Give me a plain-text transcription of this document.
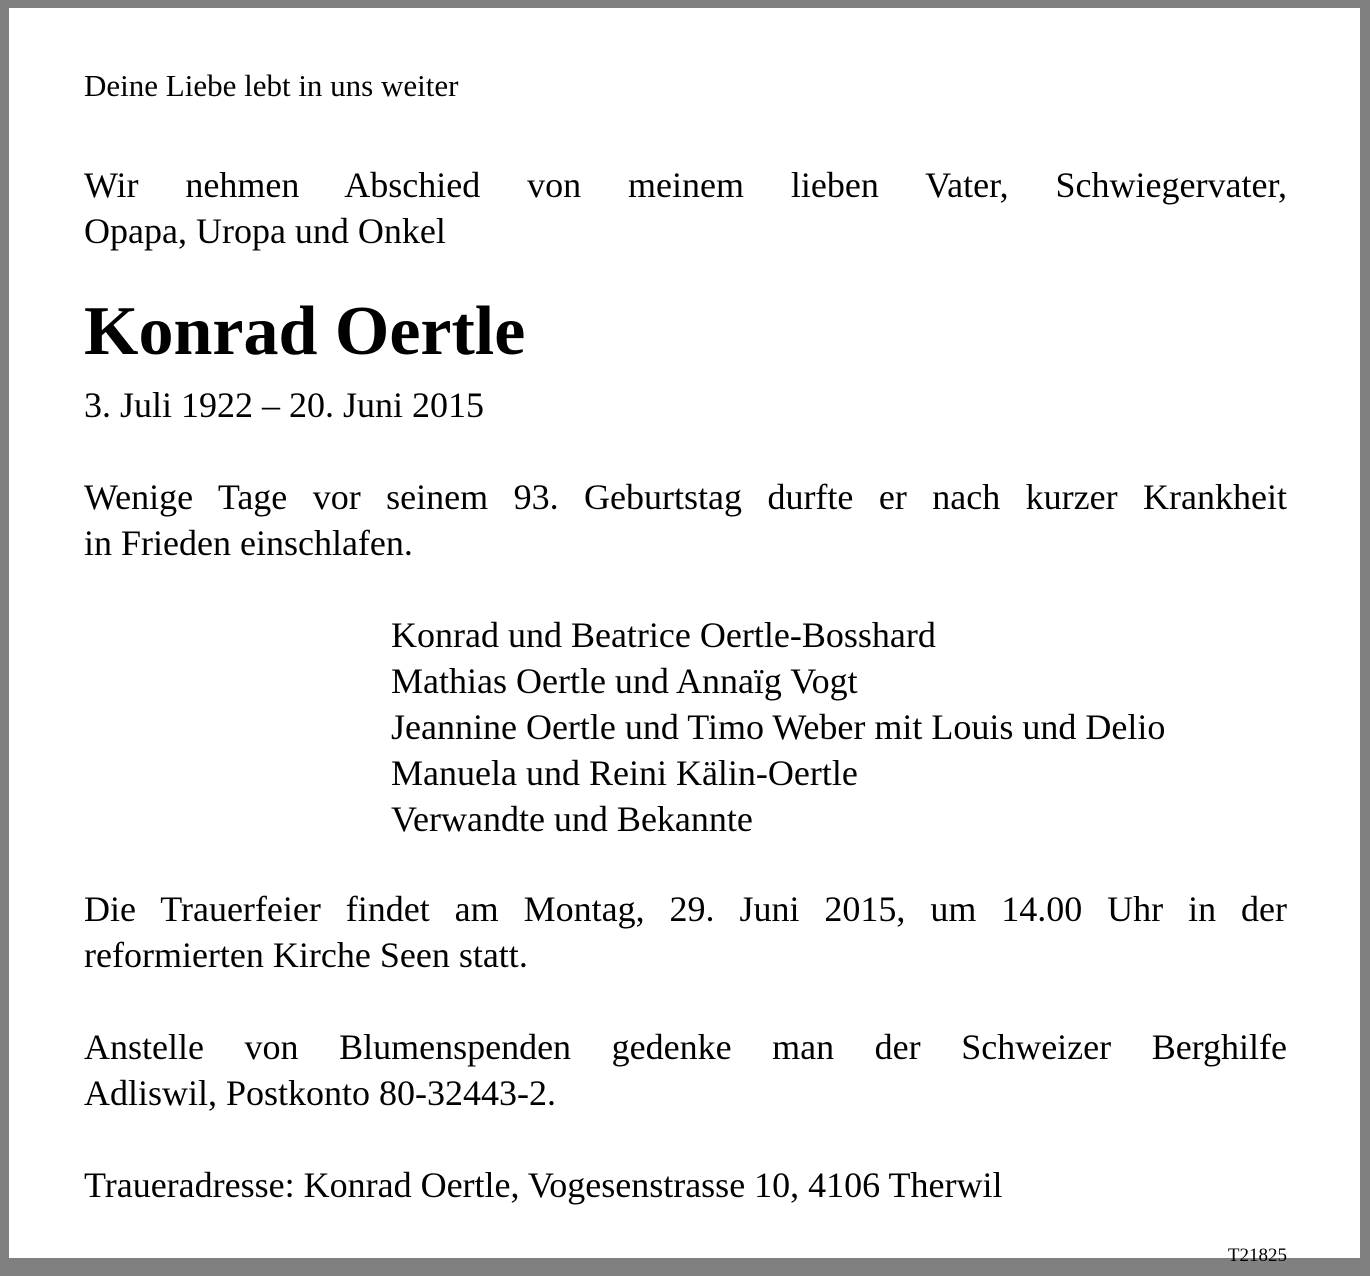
Deine Liebe lebt in uns weiter

Wir nehmen Abschied von meinem lieben Vater, Schwiegervater,

Opapa, Uropa und Onkel

Konrad Oertle

3. Juli 1922 – 20. Juni 2015

Wenige Tage vor seinem 93. Geburtstag durfte er nach kurzer Krankheit

in Frieden einschlafen.

Konrad und Beatrice Oertle-Bosshard
Mathias Oertle und Annaïg Vogt
Jeannine Oertle und Timo Weber mit Louis und Delio
Manuela und Reini Kälin-Oertle
Verwandte und Bekannte

Die Trauerfeier findet am Montag, 29. Juni 2015, um 14.00 Uhr in der

reformierten Kirche Seen statt.

Anstelle von Blumenspenden gedenke man der Schweizer Berghilfe

Adliswil, Postkonto 80-32443-2.

Traueradresse: Konrad Oertle, Vogesenstrasse 10, 4106 Therwil

T21825
